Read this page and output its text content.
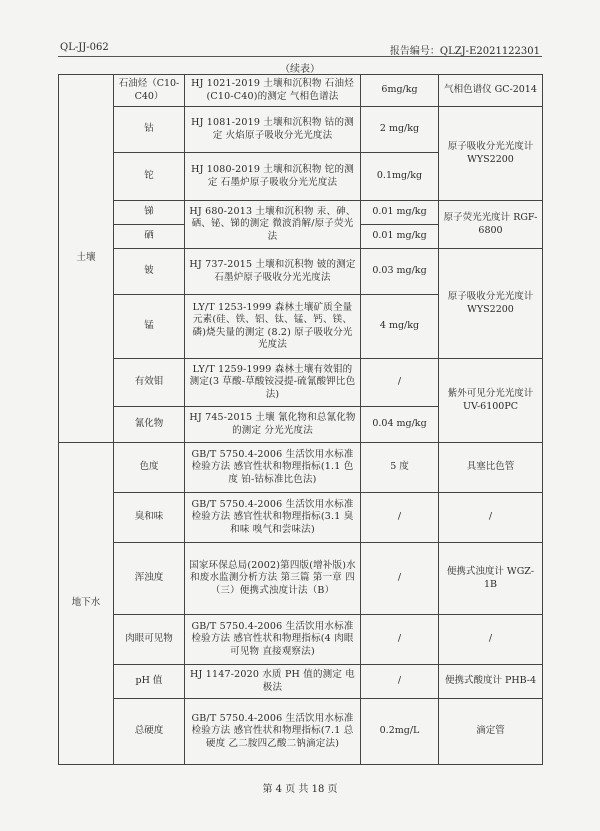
QL-JJ-062	报告编号：QLZJ-E2021122301
（续表）
土壤	石油烃（C10-C40）	HJ 1021-2019 土壤和沉积物 石油烃(C10-C40)的测定 气相色谱法	6mg/kg	气相色谱仪 GC-2014
	钴	HJ 1081-2019 土壤和沉积物 钴的测定 火焰原子吸收分光光度法	2 mg/kg	原子吸收分光光度计 WYS2200
	铊	HJ 1080-2019 土壤和沉积物 铊的测定 石墨炉原子吸收分光光度法	0.1mg/kg	
	锑	HJ 680-2013 土壤和沉积物 汞、砷、硒、铋、锑的测定 微波消解/原子荧光法	0.01 mg/kg	原子荧光光度计 RGF-6800
	硒		0.01 mg/kg	
	铍	HJ 737-2015 土壤和沉积物 铍的测定 石墨炉原子吸收分光光度法	0.03 mg/kg	原子吸收分光光度计 WYS2200
	锰	LY/T 1253-1999 森林土壤矿质全量元素(硅、铁、铝、钛、锰、钙、镁、磷)烧失量的测定 (8.2) 原子吸收分光光度法	4 mg/kg	
	有效钼	LY/T 1259-1999 森林土壤有效钼的测定(3 草酸-草酸铵浸提-硫氰酸钾比色法)	/	紫外可见分光光度计 UV-6100PC
	氰化物	HJ 745-2015 土壤 氰化物和总氰化物的测定 分光光度法	0.04 mg/kg	
地下水	色度	GB/T 5750.4-2006 生活饮用水标准检验方法 感官性状和物理指标(1.1 色度 铂-钴标准比色法)	5 度	具塞比色管
	臭和味	GB/T 5750.4-2006 生活饮用水标准检验方法 感官性状和物理指标(3.1 臭和味 嗅气和尝味法)	/	/
	浑浊度	国家环保总局(2002)第四版(增补版)水和废水监测分析方法 第三篇 第一章 四（三）便携式浊度计法（B）	/	便携式浊度计 WGZ-1B
	肉眼可见物	GB/T 5750.4-2006 生活饮用水标准检验方法 感官性状和物理指标(4 肉眼可见物 直接观察法)	/	/
	pH 值	HJ 1147-2020 水质 PH 值的测定 电极法	/	便携式酸度计 PHB-4
	总硬度	GB/T 5750.4-2006 生活饮用水标准检验方法 感官性状和物理指标(7.1 总硬度 乙二胺四乙酸二钠滴定法)	0.2mg/L	滴定管
第 4 页 共 18 页
